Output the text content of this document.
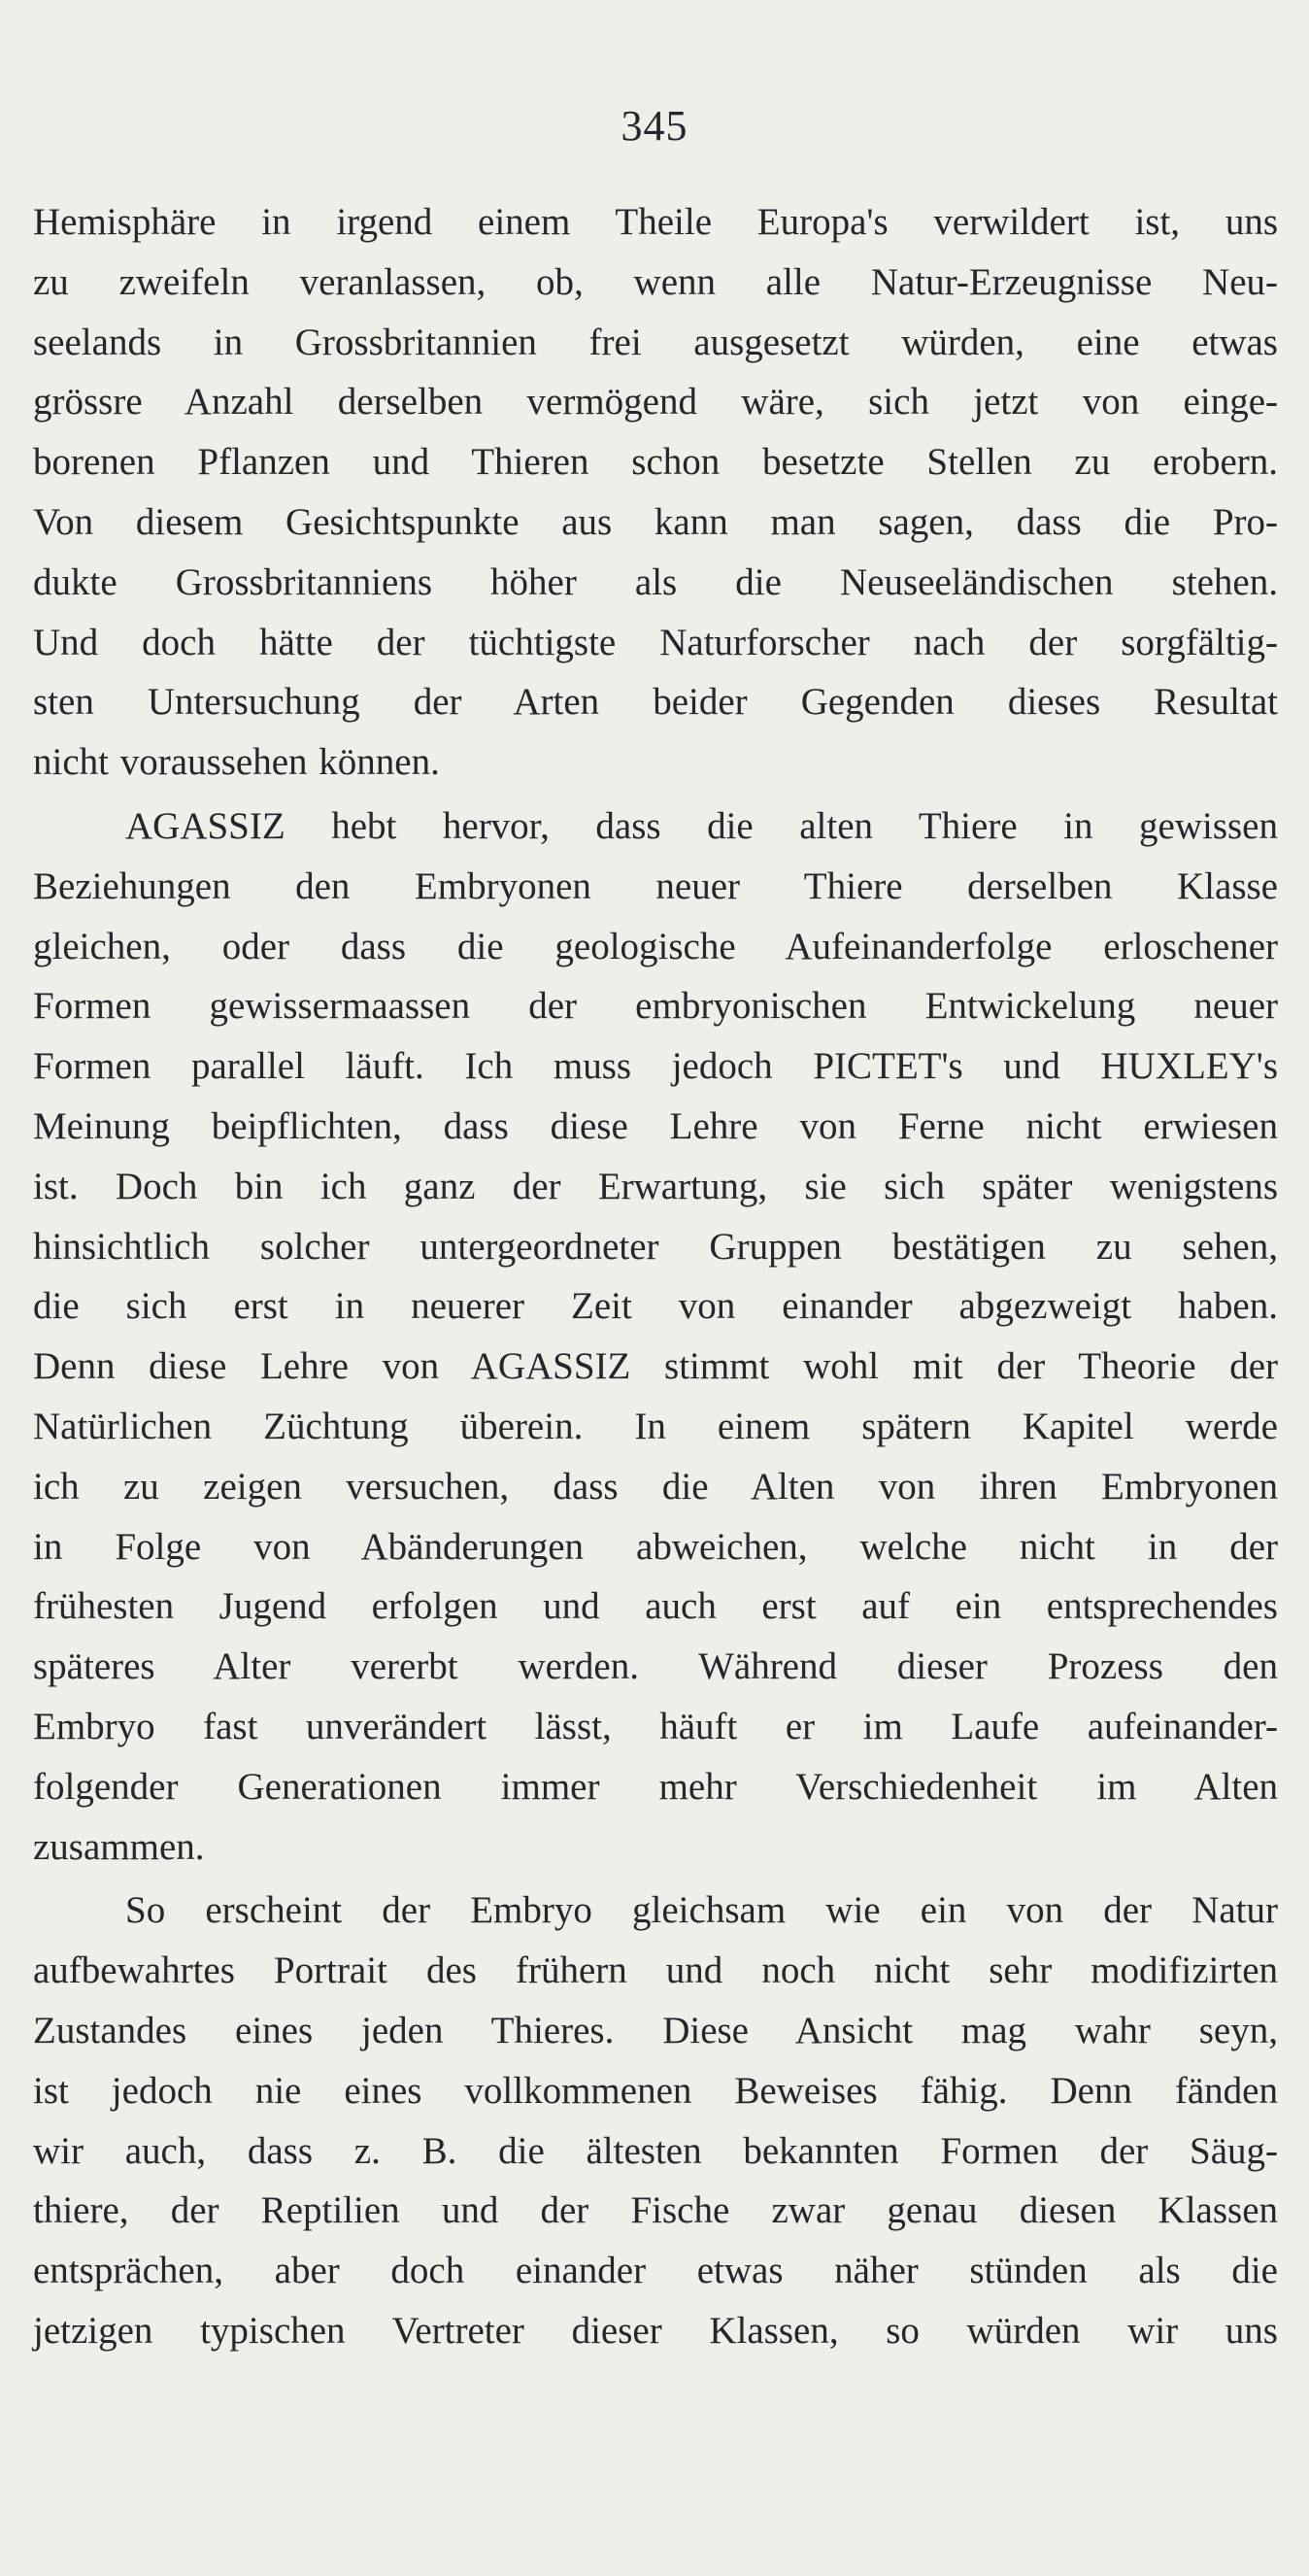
345
Hemisphäre in irgend einem Theile Europa's verwildert ist, uns
zu zweifeln veranlassen, ob, wenn alle Natur-Erzeugnisse Neu-
seelands in Grossbritannien frei ausgesetzt würden, eine etwas
grössre Anzahl derselben vermögend wäre, sich jetzt von einge-
borenen Pflanzen und Thieren schon besetzte Stellen zu erobern.
Von diesem Gesichtspunkte aus kann man sagen, dass die Pro-
dukte Grossbritanniens höher als die Neuseeländischen stehen.
Und doch hätte der tüchtigste Naturforscher nach der sorgfältig-
sten Untersuchung der Arten beider Gegenden dieses Resultat
nicht voraussehen können.
AGASSIZ hebt hervor, dass die alten Thiere in gewissen
Beziehungen den Embryonen neuer Thiere derselben Klasse
gleichen, oder dass die geologische Aufeinanderfolge erloschener
Formen gewissermaassen der embryonischen Entwickelung neuer
Formen parallel läuft. Ich muss jedoch PICTET's und HUXLEY's
Meinung beipflichten, dass diese Lehre von Ferne nicht erwiesen
ist. Doch bin ich ganz der Erwartung, sie sich später wenigstens
hinsichtlich solcher untergeordneter Gruppen bestätigen zu sehen,
die sich erst in neuerer Zeit von einander abgezweigt haben.
Denn diese Lehre von AGASSIZ stimmt wohl mit der Theorie der
Natürlichen Züchtung überein. In einem spätern Kapitel werde
ich zu zeigen versuchen, dass die Alten von ihren Embryonen
in Folge von Abänderungen abweichen, welche nicht in der
frühesten Jugend erfolgen und auch erst auf ein entsprechendes
späteres Alter vererbt werden. Während dieser Prozess den
Embryo fast unverändert lässt, häuft er im Laufe aufeinander-
folgender Generationen immer mehr Verschiedenheit im Alten
zusammen.
So erscheint der Embryo gleichsam wie ein von der Natur
aufbewahrtes Portrait des frühern und noch nicht sehr modifizirten
Zustandes eines jeden Thieres. Diese Ansicht mag wahr seyn,
ist jedoch nie eines vollkommenen Beweises fähig. Denn fänden
wir auch, dass z. B. die ältesten bekannten Formen der Säug-
thiere, der Reptilien und der Fische zwar genau diesen Klassen
entsprächen, aber doch einander etwas näher stünden als die
jetzigen typischen Vertreter dieser Klassen, so würden wir uns
